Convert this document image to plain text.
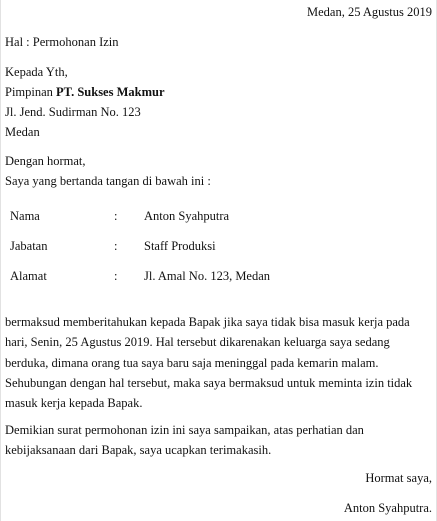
Medan, 25 Agustus 2019
Hal : Permohonan Izin
Kepada Yth,
Pimpinan PT. Sukses Makmur
Jl. Jend. Sudirman No. 123
Medan
Dengan hormat,
Saya yang bertanda tangan di bawah ini :
Nama	: Anton Syahputra
Jabatan	: Staff Produksi
Alamat	: Jl. Amal No. 123, Medan
bermaksud memberitahukan kepada Bapak jika saya tidak bisa masuk kerja pada
hari, Senin, 25 Agustus 2019. Hal tersebut dikarenakan keluarga saya sedang
berduka, dimana orang tua saya baru saja meninggal pada kemarin malam.
Sehubungan dengan hal tersebut, maka saya bermaksud untuk meminta izin tidak
masuk kerja kepada Bapak.
Demikian surat permohonan izin ini saya sampaikan, atas perhatian dan
kebijaksanaan dari Bapak, saya ucapkan terimakasih.
Hormat saya,
Anton Syahputra.
